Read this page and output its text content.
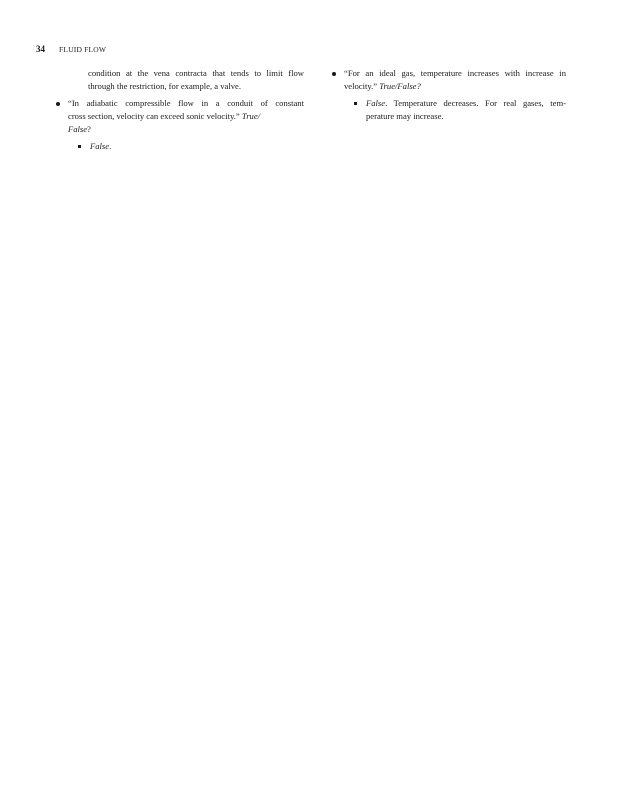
34 FLUID FLOW
condition at the vena contracta that tends to limit flow
through the restriction, for example, a valve.
“In adiabatic compressible flow in a conduit of constant
cross section, velocity can exceed sonic velocity.” True/
False?
False.
“For an ideal gas, temperature increases with increase in
velocity.” True/False?
False. Temperature decreases. For real gases, tem-
perature may increase.
